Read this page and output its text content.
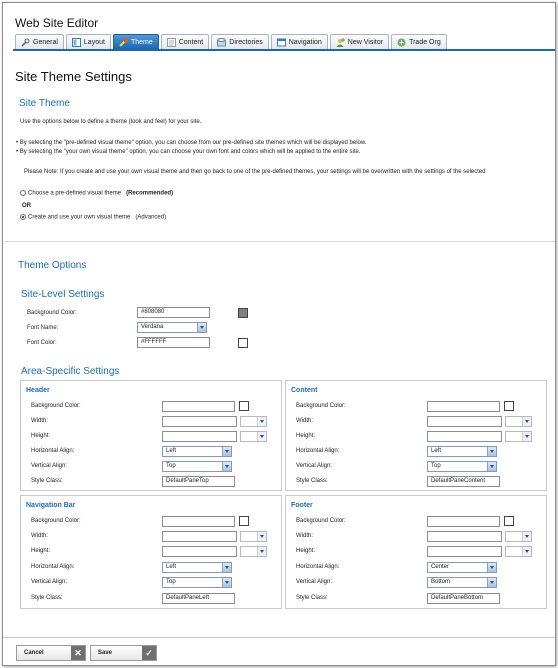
Web Site Editor
General	Layout	Theme	Content	Directories	Navigation	New Visitor	Trade Org
Site Theme Settings
Site Theme
Use the options below to define a theme (look and feel) for your site.
• By selecting the "pre-defined visual theme" option, you can choose from our pre-defined site themes which will be displayed below.
• By selecting the "your own visual theme" option, you can choose your own font and colors which will be applied to the entire site.
Please Note: If you create and use your own visual theme and then go back to one of the pre-defined themes, your settings will be overwritten with the settings of the selected
Choose a pre-defined visual theme (Recommended)
OR
Create and use your own visual theme (Advanced)
Theme Options
Site-Level Settings
Background Color:	#808080
Font Name:	Verdana
Font Color:	#FFFFFF
Area-Specific Settings
Header
Background Color:
Width:
Height:
Horizontal Align:	Left
Vertical Align:	Top
Style Class:	DefaultPaneTop
Content
Background Color:
Width:
Height:
Horizontal Align:	Left
Vertical Align:	Top
Style Class:	DefaultPaneContent
Navigation Bar
Background Color:
Width:
Height:
Horizontal Align:	Left
Vertical Align:	Top
Style Class:	DefaultPaneLeft
Footer
Background Color:
Width:
Height:
Horizontal Align:	Center
Vertical Align:	Bottom
Style Class:	DefaultPaneBottom
Cancel	✕	Save	✓
